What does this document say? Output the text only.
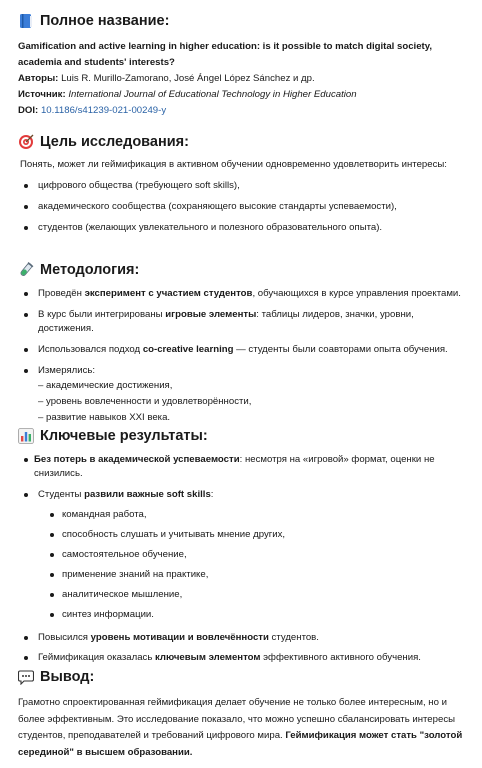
Полное название:

Gamification and active learning in higher education: is it possible to match digital society, academia and students' interests?

Авторы: Luis R. Murillo-Zamorano, José Ángel López Sánchez и др.

Источник: International Journal of Educational Technology in Higher Education

DOI: 10.1186/s41239-021-00249-y

Цель исследования:

Понять, может ли геймификация в активном обучении одновременно удовлетворить интересы:

цифрового общества (требующего soft skills),
академического сообщества (сохраняющего высокие стандарты успеваемости),
студентов (желающих увлекательного и полезного образовательного опыта).
Методология:
Проведён эксперимент с участием студентов, обучающихся в курсе управления проектами.
В курс были интегрированы игровые элементы: таблицы лидеров, значки, уровни, достижения.
Использовался подход co-creative learning — студенты были соавторами опыта обучения.
Измерялись:
– академические достижения,
– уровень вовлеченности и удовлетворённости,
– развитие навыков XXI века.
Ключевые результаты:
Без потерь в академической успеваемости: несмотря на «игровой» формат, оценки не снизились.
Студенты развили важные soft skills:
командная работа,
способность слушать и учитывать мнение других,
самостоятельное обучение,
применение знаний на практике,
аналитическое мышление,
синтез информации.
Повысился уровень мотивации и вовлечённости студентов.
Геймификация оказалась ключевым элементом эффективного активного обучения.
Вывод:

Грамотно спроектированная геймификация делает обучение не только более интересным, но и более эффективным. Это исследование показало, что можно успешно сбалансировать интересы студентов, преподавателей и требований цифрового мира. Геймификация может стать "золотой серединой" в высшем образовании.
